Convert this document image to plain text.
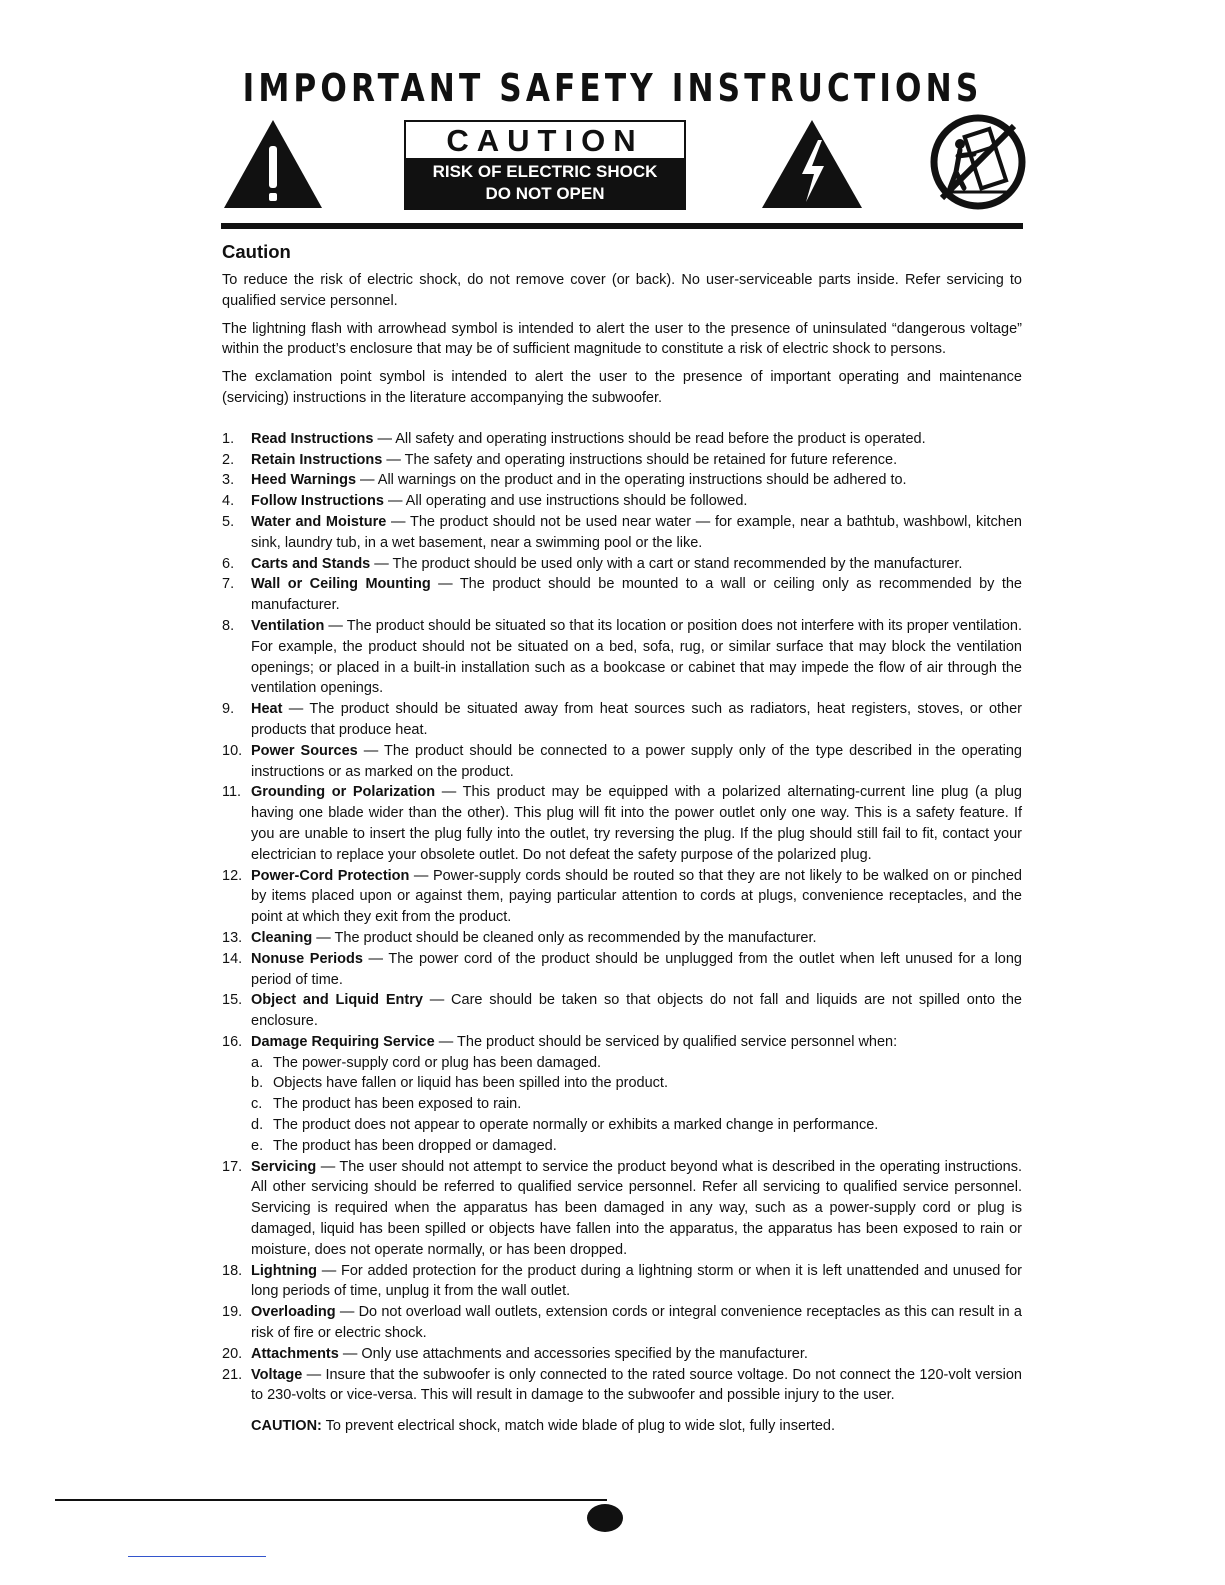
IMPORTANT SAFETY INSTRUCTIONS
CAUTION
RISK OF ELECTRIC SHOCK
DO NOT OPEN
Caution

To reduce the risk of electric shock, do not remove cover (or back). No user-serviceable parts inside. Refer servicing to qualified service personnel.

The lightning flash with arrowhead symbol is intended to alert the user to the presence of uninsulated “dangerous voltage” within the product’s enclosure that may be of sufficient magnitude to constitute a risk of electric shock to persons.

The exclamation point symbol is intended to alert the user to the presence of important operating and maintenance (servicing) instructions in the literature accompanying the subwoofer.

1. Read Instructions — All safety and operating instructions should be read before the product is operated.
2. Retain Instructions — The safety and operating instructions should be retained for future reference.
3. Heed Warnings — All warnings on the product and in the operating instructions should be adhered to.
4. Follow Instructions — All operating and use instructions should be followed.
5. Water and Moisture — The product should not be used near water — for example, near a bathtub, washbowl, kitchen sink, laundry tub, in a wet basement, near a swimming pool or the like.
6. Carts and Stands — The product should be used only with a cart or stand recommended by the manufacturer.
7. Wall or Ceiling Mounting — The product should be mounted to a wall or ceiling only as recommended by the manufacturer.
8. Ventilation — The product should be situated so that its location or position does not interfere with its proper ventilation. For example, the product should not be situated on a bed, sofa, rug, or similar surface that may block the ventilation openings; or placed in a built-in installation such as a bookcase or cabinet that may impede the flow of air through the ventilation openings.
9. Heat — The product should be situated away from heat sources such as radiators, heat registers, stoves, or other products that produce heat.
10. Power Sources — The product should be connected to a power supply only of the type described in the operating instructions or as marked on the product.
11. Grounding or Polarization — This product may be equipped with a polarized alternating-current line plug (a plug having one blade wider than the other). This plug will fit into the power outlet only one way. This is a safety feature. If you are unable to insert the plug fully into the outlet, try reversing the plug. If the plug should still fail to fit, contact your electrician to replace your obsolete outlet. Do not defeat the safety purpose of the polarized plug.
12. Power-Cord Protection — Power-supply cords should be routed so that they are not likely to be walked on or pinched by items placed upon or against them, paying particular attention to cords at plugs, convenience receptacles, and the point at which they exit from the product.
13. Cleaning — The product should be cleaned only as recommended by the manufacturer.
14. Nonuse Periods — The power cord of the product should be unplugged from the outlet when left unused for a long period of time.
15. Object and Liquid Entry — Care should be taken so that objects do not fall and liquids are not spilled onto the enclosure.
16. Damage Requiring Service — The product should be serviced by qualified service personnel when:
a. The power-supply cord or plug has been damaged.
b. Objects have fallen or liquid has been spilled into the product.
c. The product has been exposed to rain.
d. The product does not appear to operate normally or exhibits a marked change in performance.
e. The product has been dropped or damaged.
17. Servicing — The user should not attempt to service the product beyond what is described in the operating instructions. All other servicing should be referred to qualified service personnel. Refer all servicing to qualified service personnel. Servicing is required when the apparatus has been damaged in any way, such as a power-supply cord or plug is damaged, liquid has been spilled or objects have fallen into the apparatus, the apparatus has been exposed to rain or moisture, does not operate normally, or has been dropped.
18. Lightning — For added protection for the product during a lightning storm or when it is left unattended and unused for long periods of time, unplug it from the wall outlet.
19. Overloading — Do not overload wall outlets, extension cords or integral convenience receptacles as this can result in a risk of fire or electric shock.
20. Attachments — Only use attachments and accessories specified by the manufacturer.
21. Voltage — Insure that the subwoofer is only connected to the rated source voltage. Do not connect the 120-volt version to 230-volts or vice-versa. This will result in damage to the subwoofer and possible injury to the user.

CAUTION: To prevent electrical shock, match wide blade of plug to wide slot, fully inserted.
